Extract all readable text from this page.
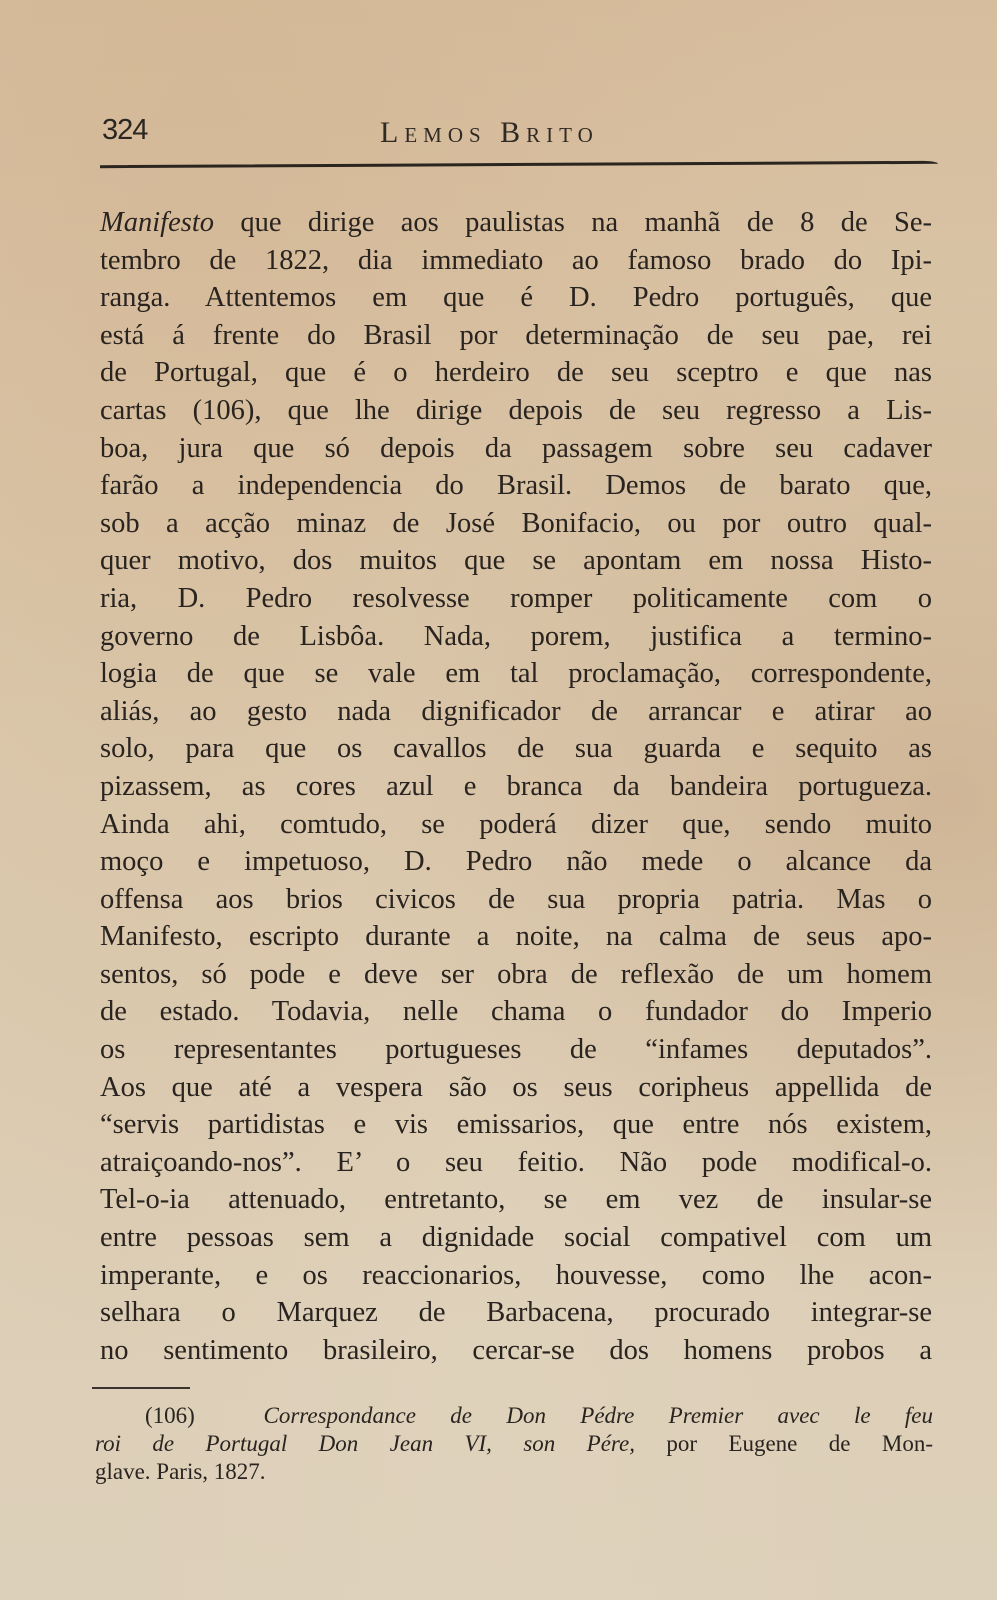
324	Lemos Brito
Manifesto que dirige aos paulistas na manhã de 8 de Se-
tembro de 1822, dia immediato ao famoso brado do Ipi-
ranga. Attentemos em que é D. Pedro português, que
está á frente do Brasil por determinação de seu pae, rei
de Portugal, que é o herdeiro de seu sceptro e que nas
cartas (106), que lhe dirige depois de seu regresso a Lis-
boa, jura que só depois da passagem sobre seu cadaver
farão a independencia do Brasil. Demos de barato que,
sob a acção minaz de José Bonifacio, ou por outro qual-
quer motivo, dos muitos que se apontam em nossa Histo-
ria, D. Pedro resolvesse romper politicamente com o
governo de Lisbôa. Nada, porem, justifica a termino-
logia de que se vale em tal proclamação, correspondente,
aliás, ao gesto nada dignificador de arrancar e atirar ao
solo, para que os cavallos de sua guarda e sequito as
pizassem, as cores azul e branca da bandeira portugueza.
Ainda ahi, comtudo, se poderá dizer que, sendo muito
moço e impetuoso, D. Pedro não mede o alcance da
offensa aos brios civicos de sua propria patria. Mas o
Manifesto, escripto durante a noite, na calma de seus apo-
sentos, só pode e deve ser obra de reflexão de um homem
de estado. Todavia, nelle chama o fundador do Imperio
os representantes portugueses de “infames deputados”.
Aos que até a vespera são os seus coripheus appellida de
“servis partidistas e vis emissarios, que entre nós existem,
atraiçoando-nos”. E’ o seu feitio. Não pode modifical-o.
Tel-o-ia attenuado, entretanto, se em vez de insular-se
entre pessoas sem a dignidade social compativel com um
imperante, e os reaccionarios, houvesse, como lhe acon-
selhara o Marquez de Barbacena, procurado integrar-se
no sentimento brasileiro, cercar-se dos homens probos a
(106)	Correspondance de Don Pédre Premier avec le feu
roi de Portugal Don Jean VI, son Pére, por Eugene de Mon-
glave. Paris, 1827.
